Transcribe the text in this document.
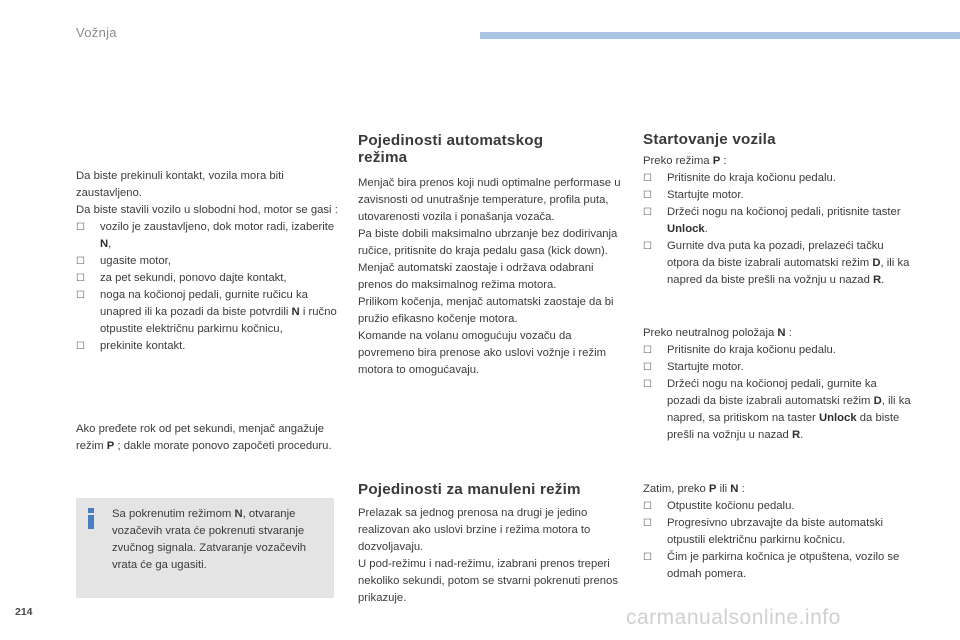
Vožnja

Da biste prekinuli kontakt, vozila mora biti zaustavljeno.

Da biste stavili vozilo u slobodni hod, motor se gasi :

☐ vozilo je zaustavljeno, dok motor radi, izaberite N,
☐ ugasite motor,
☐ za pet sekundi, ponovo dajte kontakt,
☐ noga na kočionoj pedali, gurnite ručicu ka unapred ili ka pozadi da biste potvrdili N i ručno otpustite električnu parkirnu kočnicu,
☐ prekinite kontakt.

Ako pređete rok od pet sekundi, menjač angažuje režim P ; dakle morate ponovo započeti proceduru.

Sa pokrenutim režimom N, otvaranje vozačevih vrata će pokrenuti stvaranje zvučnog signala. Zatvaranje vozačevih vrata će ga ugasiti.
Pojedinosti automatskog režima

Menjač bira prenos koji nudi optimalne performase u zavisnosti od unutrašnje temperature, profila puta, utovarenosti vozila i ponašanja vozača.

Pa biste dobili maksimalno ubrzanje bez dodirivanja ručice, pritisnite do kraja pedalu gasa (kick down). Menjač automatski zaostaje i održava odabrani prenos do maksimalnog režima motora.

Prilikom kočenja, menjač automatski zaostaje da bi pružio efikasno kočenje motora.

Komande na volanu omogućuju vozaču da povremeno bira prenose ako uslovi vožnje i režim motora to omogućavaju.

Pojedinosti za manuleni režim

Prelazak sa jednog prenosa na drugi je jedino realizovan ako uslovi brzine i režima motora to dozvoljavaju.

U pod-režimu i nad-režimu, izabrani prenos treperi nekoliko sekundi, potom se stvarni pokrenuti prenos prikazuje.

Startovanje vozila

Preko režima P :

☐ Pritisnite do kraja kočionu pedalu.
☐ Startujte motor.
☐ Držeći nogu na kočionoj pedali, pritisnite taster Unlock.
☐ Gurnite dva puta ka pozadi, prelazeći tačku otpora da biste izabrali automatski režim D, ili ka napred da biste prešli na vožnju u nazad R.

Preko neutralnog položaja N :

☐ Pritisnite do kraja kočionu pedalu.
☐ Startujte motor.
☐ Držeći nogu na kočionoj pedali, gurnite ka pozadi da biste izabrali automatski režim D, ili ka napred, sa pritiskom na taster Unlock da biste prešli na vožnju u nazad R.

Zatim, preko P ili N :

☐ Otpustite kočionu pedalu.
☐ Progresivno ubrzavajte da biste automatski otpustili električnu parkirnu kočnicu.
☐ Čim je parkirna kočnica je otpuštena, vozilo se odmah pomera.
214	carmanualsonline.info
